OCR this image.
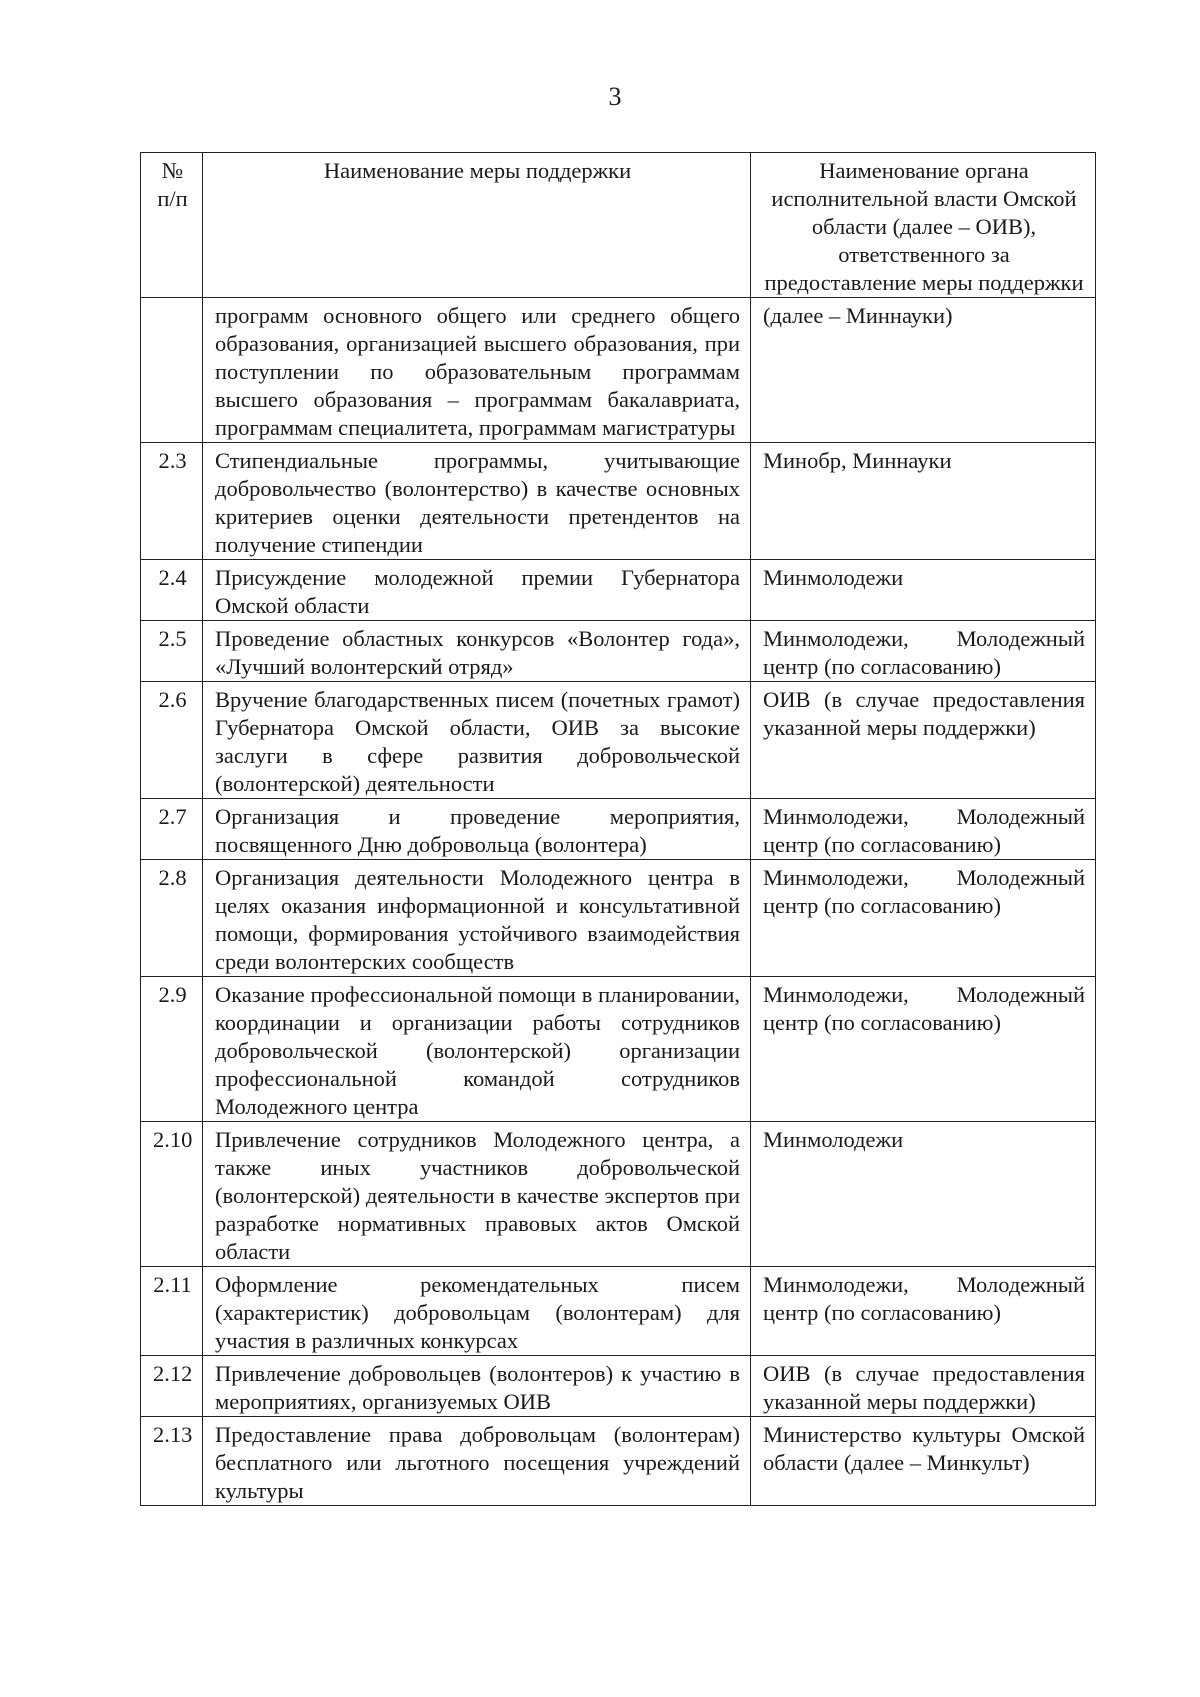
3
№ п/п	Наименование меры поддержки	Наименование органа исполнительной власти Омской области (далее – ОИВ), ответственного за предоставление меры поддержки
	программ основного общего или среднего общего образования, организацией высшего образования, при поступлении по образовательным программам высшего образования – программам бакалавриата, программам специалитета, программам магистратуры	(далее – Миннауки)
2.3	Стипендиальные программы, учитывающие добровольчество (волонтерство) в качестве основных критериев оценки деятельности претендентов на получение стипендии	Минобр, Миннауки
2.4	Присуждение молодежной премии Губернатора Омской области	Минмолодежи
2.5	Проведение областных конкурсов «Волонтер года», «Лучший волонтерский отряд»	Минмолодежи, Молодежный центр (по согласованию)
2.6	Вручение благодарственных писем (почетных грамот) Губернатора Омской области, ОИВ за высокие заслуги в сфере развития добровольческой (волонтерской) деятельности	ОИВ (в случае предоставления указанной меры поддержки)
2.7	Организация и проведение мероприятия, посвященного Дню добровольца (волонтера)	Минмолодежи, Молодежный центр (по согласованию)
2.8	Организация деятельности Молодежного центра в целях оказания информационной и консультативной помощи, формирования устойчивого взаимодействия среди волонтерских сообществ	Минмолодежи, Молодежный центр (по согласованию)
2.9	Оказание профессиональной помощи в планировании, координации и организации работы сотрудников добровольческой (волонтерской) организации профессиональной командой сотрудников Молодежного центра	Минмолодежи, Молодежный центр (по согласованию)
2.10	Привлечение сотрудников Молодежного центра, а также иных участников добровольческой (волонтерской) деятельности в качестве экспертов при разработке нормативных правовых актов Омской области	Минмолодежи
2.11	Оформление рекомендательных писем (характеристик) добровольцам (волонтерам) для участия в различных конкурсах	Минмолодежи, Молодежный центр (по согласованию)
2.12	Привлечение добровольцев (волонтеров) к участию в мероприятиях, организуемых ОИВ	ОИВ (в случае предоставления указанной меры поддержки)
2.13	Предоставление права добровольцам (волонтерам) бесплатного или льготного посещения учреждений культуры	Министерство культуры Омской области (далее – Минкульт)
